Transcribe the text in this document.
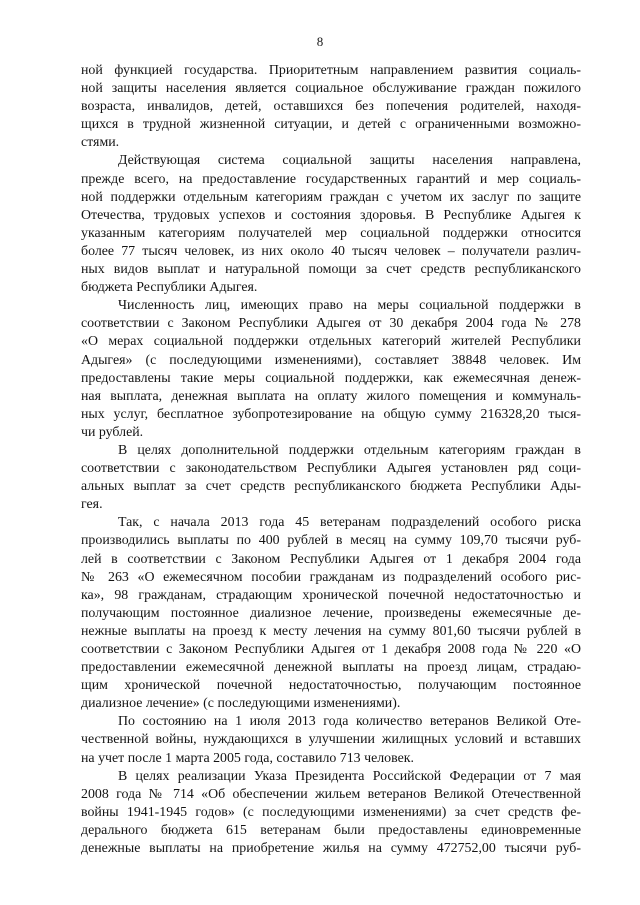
8
ной функцией государства. Приоритетным направлением развития социаль-
ной защиты населения является социальное обслуживание граждан пожилого
возраста, инвалидов, детей, оставшихся без попечения родителей, находя-
щихся в трудной жизненной ситуации, и детей с ограниченными возможно-
стями.
Действующая система социальной защиты населения направлена,
прежде всего, на предоставление государственных гарантий и мер социаль-
ной поддержки отдельным категориям граждан с учетом их заслуг по защите
Отечества, трудовых успехов и состояния здоровья. В Республике Адыгея к
указанным категориям получателей мер социальной поддержки относится
более 77 тысяч человек, из них около 40 тысяч человек – получатели различ-
ных видов выплат и натуральной помощи за счет средств республиканского
бюджета Республики Адыгея.
Численность лиц, имеющих право на меры социальной поддержки в
соответствии с Законом Республики Адыгея от 30 декабря 2004 года № 278
«О мерах социальной поддержки отдельных категорий жителей Республики
Адыгея» (с последующими изменениями), составляет 38848 человек. Им
предоставлены такие меры социальной поддержки, как ежемесячная денеж-
ная выплата, денежная выплата на оплату жилого помещения и коммуналь-
ных услуг, бесплатное зубопротезирование на общую сумму 216328,20 тыся-
чи рублей.
В целях дополнительной поддержки отдельным категориям граждан в
соответствии с законодательством Республики Адыгея установлен ряд соци-
альных выплат за счет средств республиканского бюджета Республики Ады-
гея.
Так, с начала 2013 года 45 ветеранам подразделений особого риска
производились выплаты по 400 рублей в месяц на сумму 109,70 тысячи руб-
лей в соответствии с Законом Республики Адыгея от 1 декабря 2004 года
№ 263 «О ежемесячном пособии гражданам из подразделений особого рис-
ка», 98 гражданам, страдающим хронической почечной недостаточностью и
получающим постоянное диализное лечение, произведены ежемесячные де-
нежные выплаты на проезд к месту лечения на сумму 801,60 тысячи рублей в
соответствии с Законом Республики Адыгея от 1 декабря 2008 года № 220 «О
предоставлении ежемесячной денежной выплаты на проезд лицам, страдаю-
щим хронической почечной недостаточностью, получающим постоянное
диализное лечение» (с последующими изменениями).
По состоянию на 1 июля 2013 года количество ветеранов Великой Оте-
чественной войны, нуждающихся в улучшении жилищных условий и вставших
на учет после 1 марта 2005 года, составило 713 человек.
В целях реализации Указа Президента Российской Федерации от 7 мая
2008 года № 714 «Об обеспечении жильем ветеранов Великой Отечественной
войны 1941-1945 годов» (с последующими изменениями) за счет средств фе-
дерального бюджета 615 ветеранам были предоставлены единовременные
денежные выплаты на приобретение жилья на сумму 472752,00 тысячи руб-
